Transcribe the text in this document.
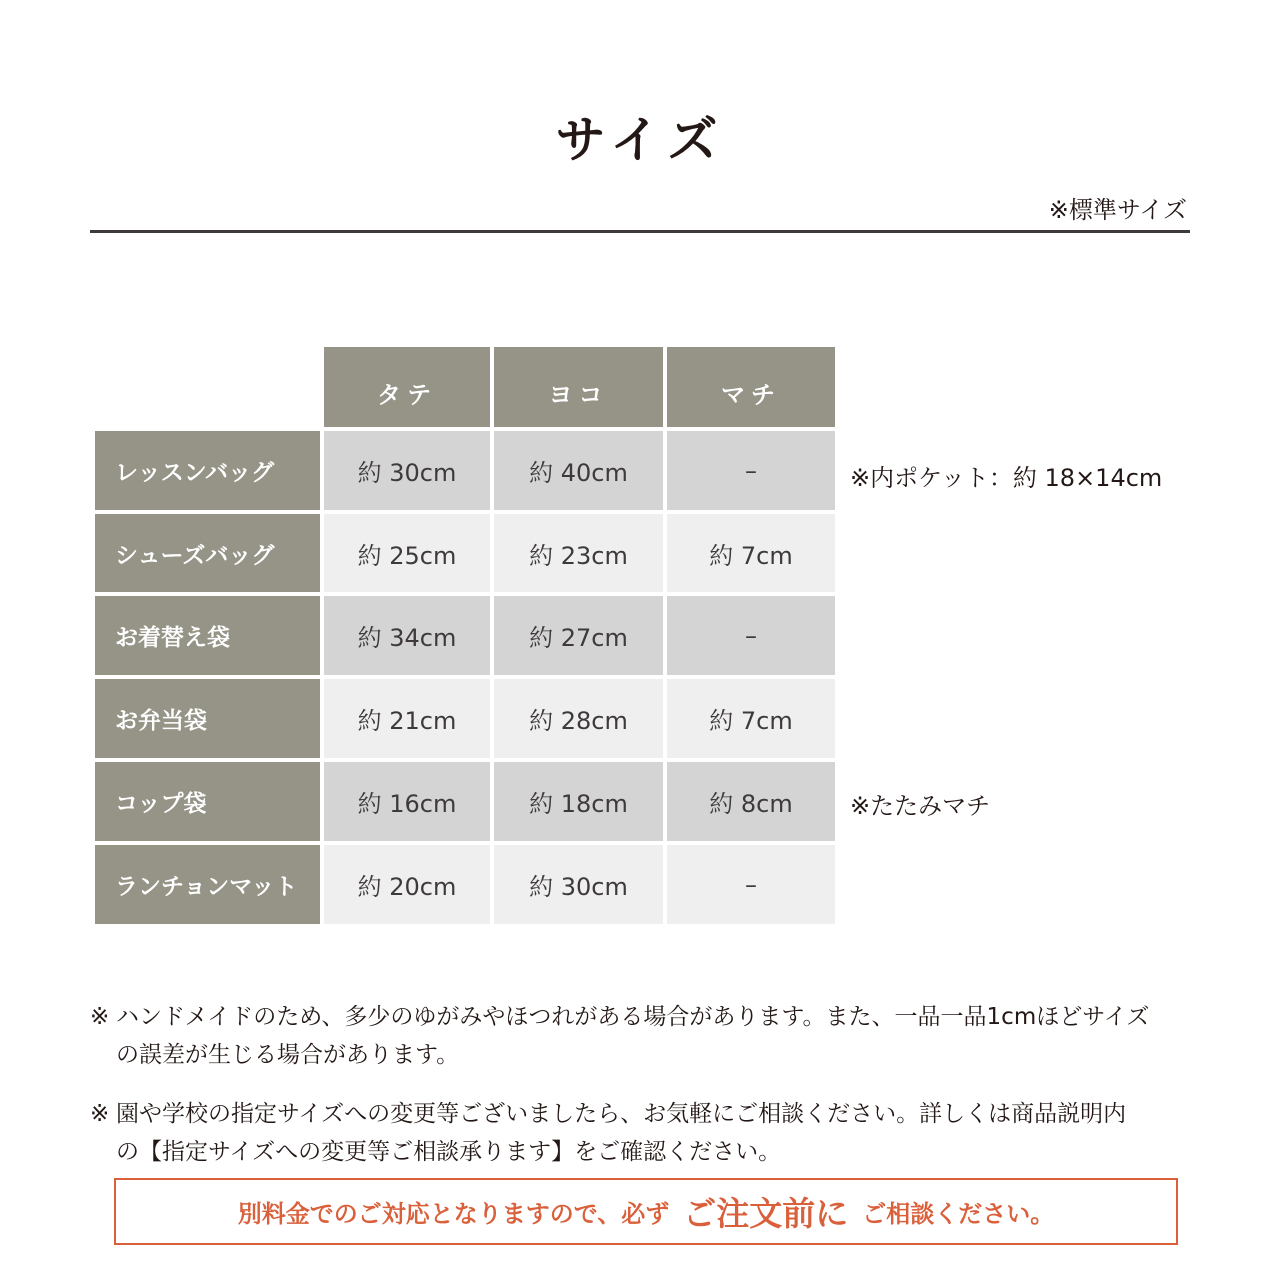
サイズ
※標準サイズ
タテ	ヨコ	マチ
レッスンバッグ	約 30cm	約 40cm	–
シューズバッグ	約 25cm	約 23cm	約 7cm
お着替え袋	約 34cm	約 27cm	–
お弁当袋	約 21cm	約 28cm	約 7cm
コップ袋	約 16cm	約 18cm	約 8cm
ランチョンマット	約 20cm	約 30cm	–
※内ポケット：約 18×14cm
※たたみマチ
※ ハンドメイドのため、多少のゆがみやほつれがある場合があります。また、一品一品1cmほどサイズ
の誤差が生じる場合があります。
※ 園や学校の指定サイズへの変更等ございましたら、お気軽にご相談ください。詳しくは商品説明内
の【指定サイズへの変更等ご相談承ります】をご確認ください。
別料金でのご対応となりますので、必ず ご注文前に ご相談ください。
